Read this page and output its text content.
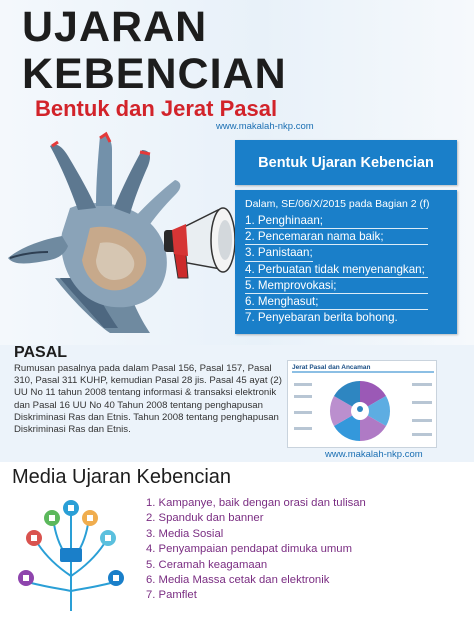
UJARAN
KEBENCIAN
Bentuk dan Jerat Pasal
www.makalah-nkp.com
Bentuk Ujaran Kebencian
Dalam, SE/06/X/2015 pada Bagian 2 (f)
1. Penghinaan;
2. Pencemaran nama baik;
3. Panistaan;
4. Perbuatan tidak menyenangkan;
5. Memprovokasi;
6. Menghasut;
7. Penyebaran berita bohong.
PASAL
Rumusan pasalnya pada dalam Pasal 156, Pasal 157, Pasal
310, Pasal 311 KUHP, kemudian Pasal 28 jis. Pasal 45 ayat (2)
UU No 11 tahun 2008 tentang informasi & transaksi elektronik
dan Pasal 16 UU No 40 Tahun 2008 tentang penghapusan
Diskriminasi Ras dan Etnis. Tahun 2008 tentang penghapusan
Diskriminasi Ras dan Etnis.
Jerat Pasal dan Ancaman
www.makalah-nkp.com
Media Ujaran Kebencian
1. Kampanye, baik dengan orasi dan tulisan
2. Spanduk dan banner
3. Media Sosial
4. Penyampaian pendapat dimuka umum
5. Ceramah keagamaan
6. Media Massa cetak dan elektronik
7. Pamflet
